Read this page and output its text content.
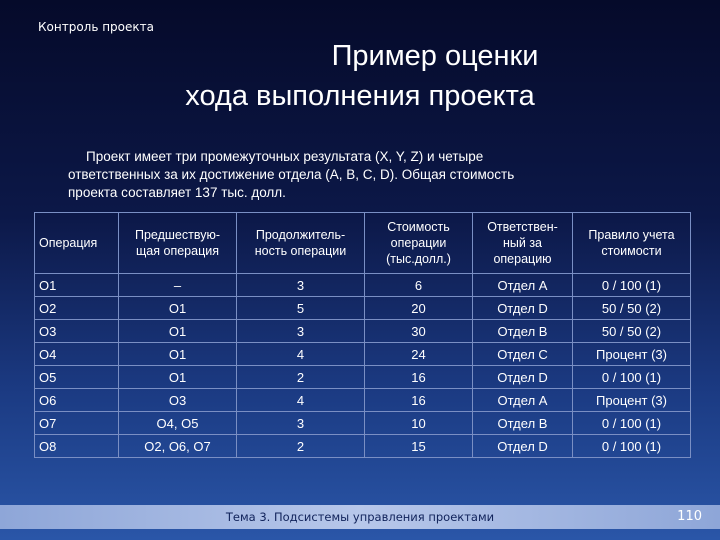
Контроль проекта
Пример оценки
хода выполнения проекта
Проект имеет три промежуточных результата (X, Y, Z) и четыре
ответственных за их достижение отдела (A, B, C, D). Общая стоимость
проекта составляет 137 тыс. долл.
Операция	Предшествую-щая операция	Продолжитель-ность операции	Стоимость операции (тыс.долл.)	Ответствен-ный за операцию	Правило учета стоимости
O1	–	3	6	Отдел A	0 / 100 (1)
O2	O1	5	20	Отдел D	50 / 50 (2)
O3	O1	3	30	Отдел B	50 / 50 (2)
O4	O1	4	24	Отдел C	Процент (3)
O5	O1	2	16	Отдел D	0 / 100 (1)
O6	O3	4	16	Отдел A	Процент (3)
O7	O4, O5	3	10	Отдел B	0 / 100 (1)
O8	O2, O6, O7	2	15	Отдел D	0 / 100 (1)
Тема 3. Подсистемы управления проектами	110
